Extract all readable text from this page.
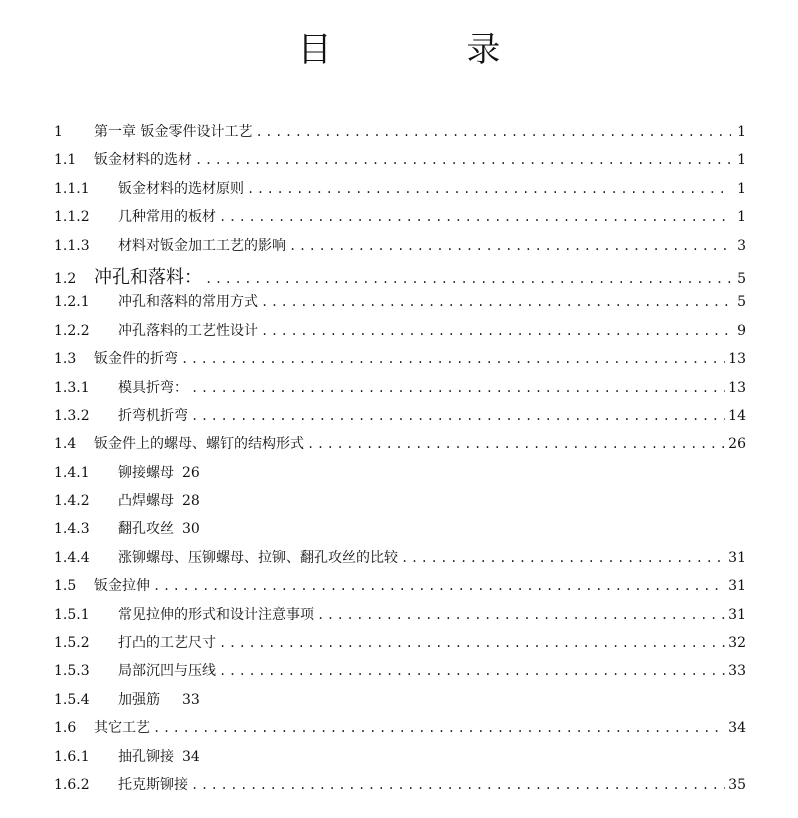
目 录
1	第一章 钣金零件设计工艺 .....	1
1.1	钣金材料的选材 .....	1
1.1.1	钣金材料的选材原则 .....	1
1.1.2	几种常用的板材 .....	1
1.1.3	材料对钣金加工工艺的影响 .....	3
1.2 冲孔和落料： .....	5
1.2.1	冲孔和落料的常用方式 .....	5
1.2.2	冲孔落料的工艺性设计 .....	9
1.3	钣金件的折弯 .....	13
1.3.1	模具折弯： .....	13
1.3.2	折弯机折弯 .....	14
1.4	钣金件上的螺母、螺钉的结构形式 .....	26
1.4.1	铆接螺母 26
1.4.2	凸焊螺母 28
1.4.3	翻孔攻丝 30
1.4.4	涨铆螺母、压铆螺母、拉铆、翻孔攻丝的比较 .....	31
1.5	钣金拉伸 .....	31
1.5.1	常见拉伸的形式和设计注意事项 .....	31
1.5.2	打凸的工艺尺寸 .....	32
1.5.3	局部沉凹与压线 .....	33
1.5.4	加强筋 33
1.6	其它工艺 .....	34
1.6.1	抽孔铆接 34
1.6.2	托克斯铆接 .....	35
